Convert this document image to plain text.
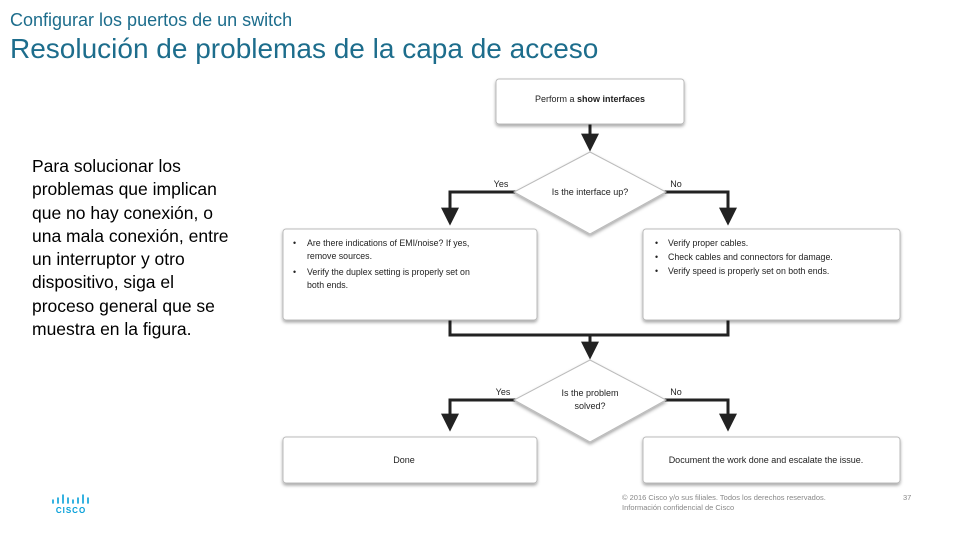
Configurar los puertos de un switch
Resolución de problemas de la capa de acceso
Para solucionar los problemas que implican que no hay conexión, o una mala conexión, entre un interruptor y otro dispositivo, siga el proceso general que se muestra en la figura.
Perform a show interfaces
Is the interface up?
Yes	No
• Are there indications of EMI/noise? If yes,
remove sources.
• Verify the duplex setting is properly set on
both ends.
• Verify proper cables.
• Check cables and connectors for damage.
• Verify speed is properly set on both ends.
Is the problem
solved?
Yes	No
Done	Document the work done and escalate the issue.
CISCO
© 2016 Cisco y/o sus filiales. Todos los derechos reservados.
Información confidencial de Cisco
37
